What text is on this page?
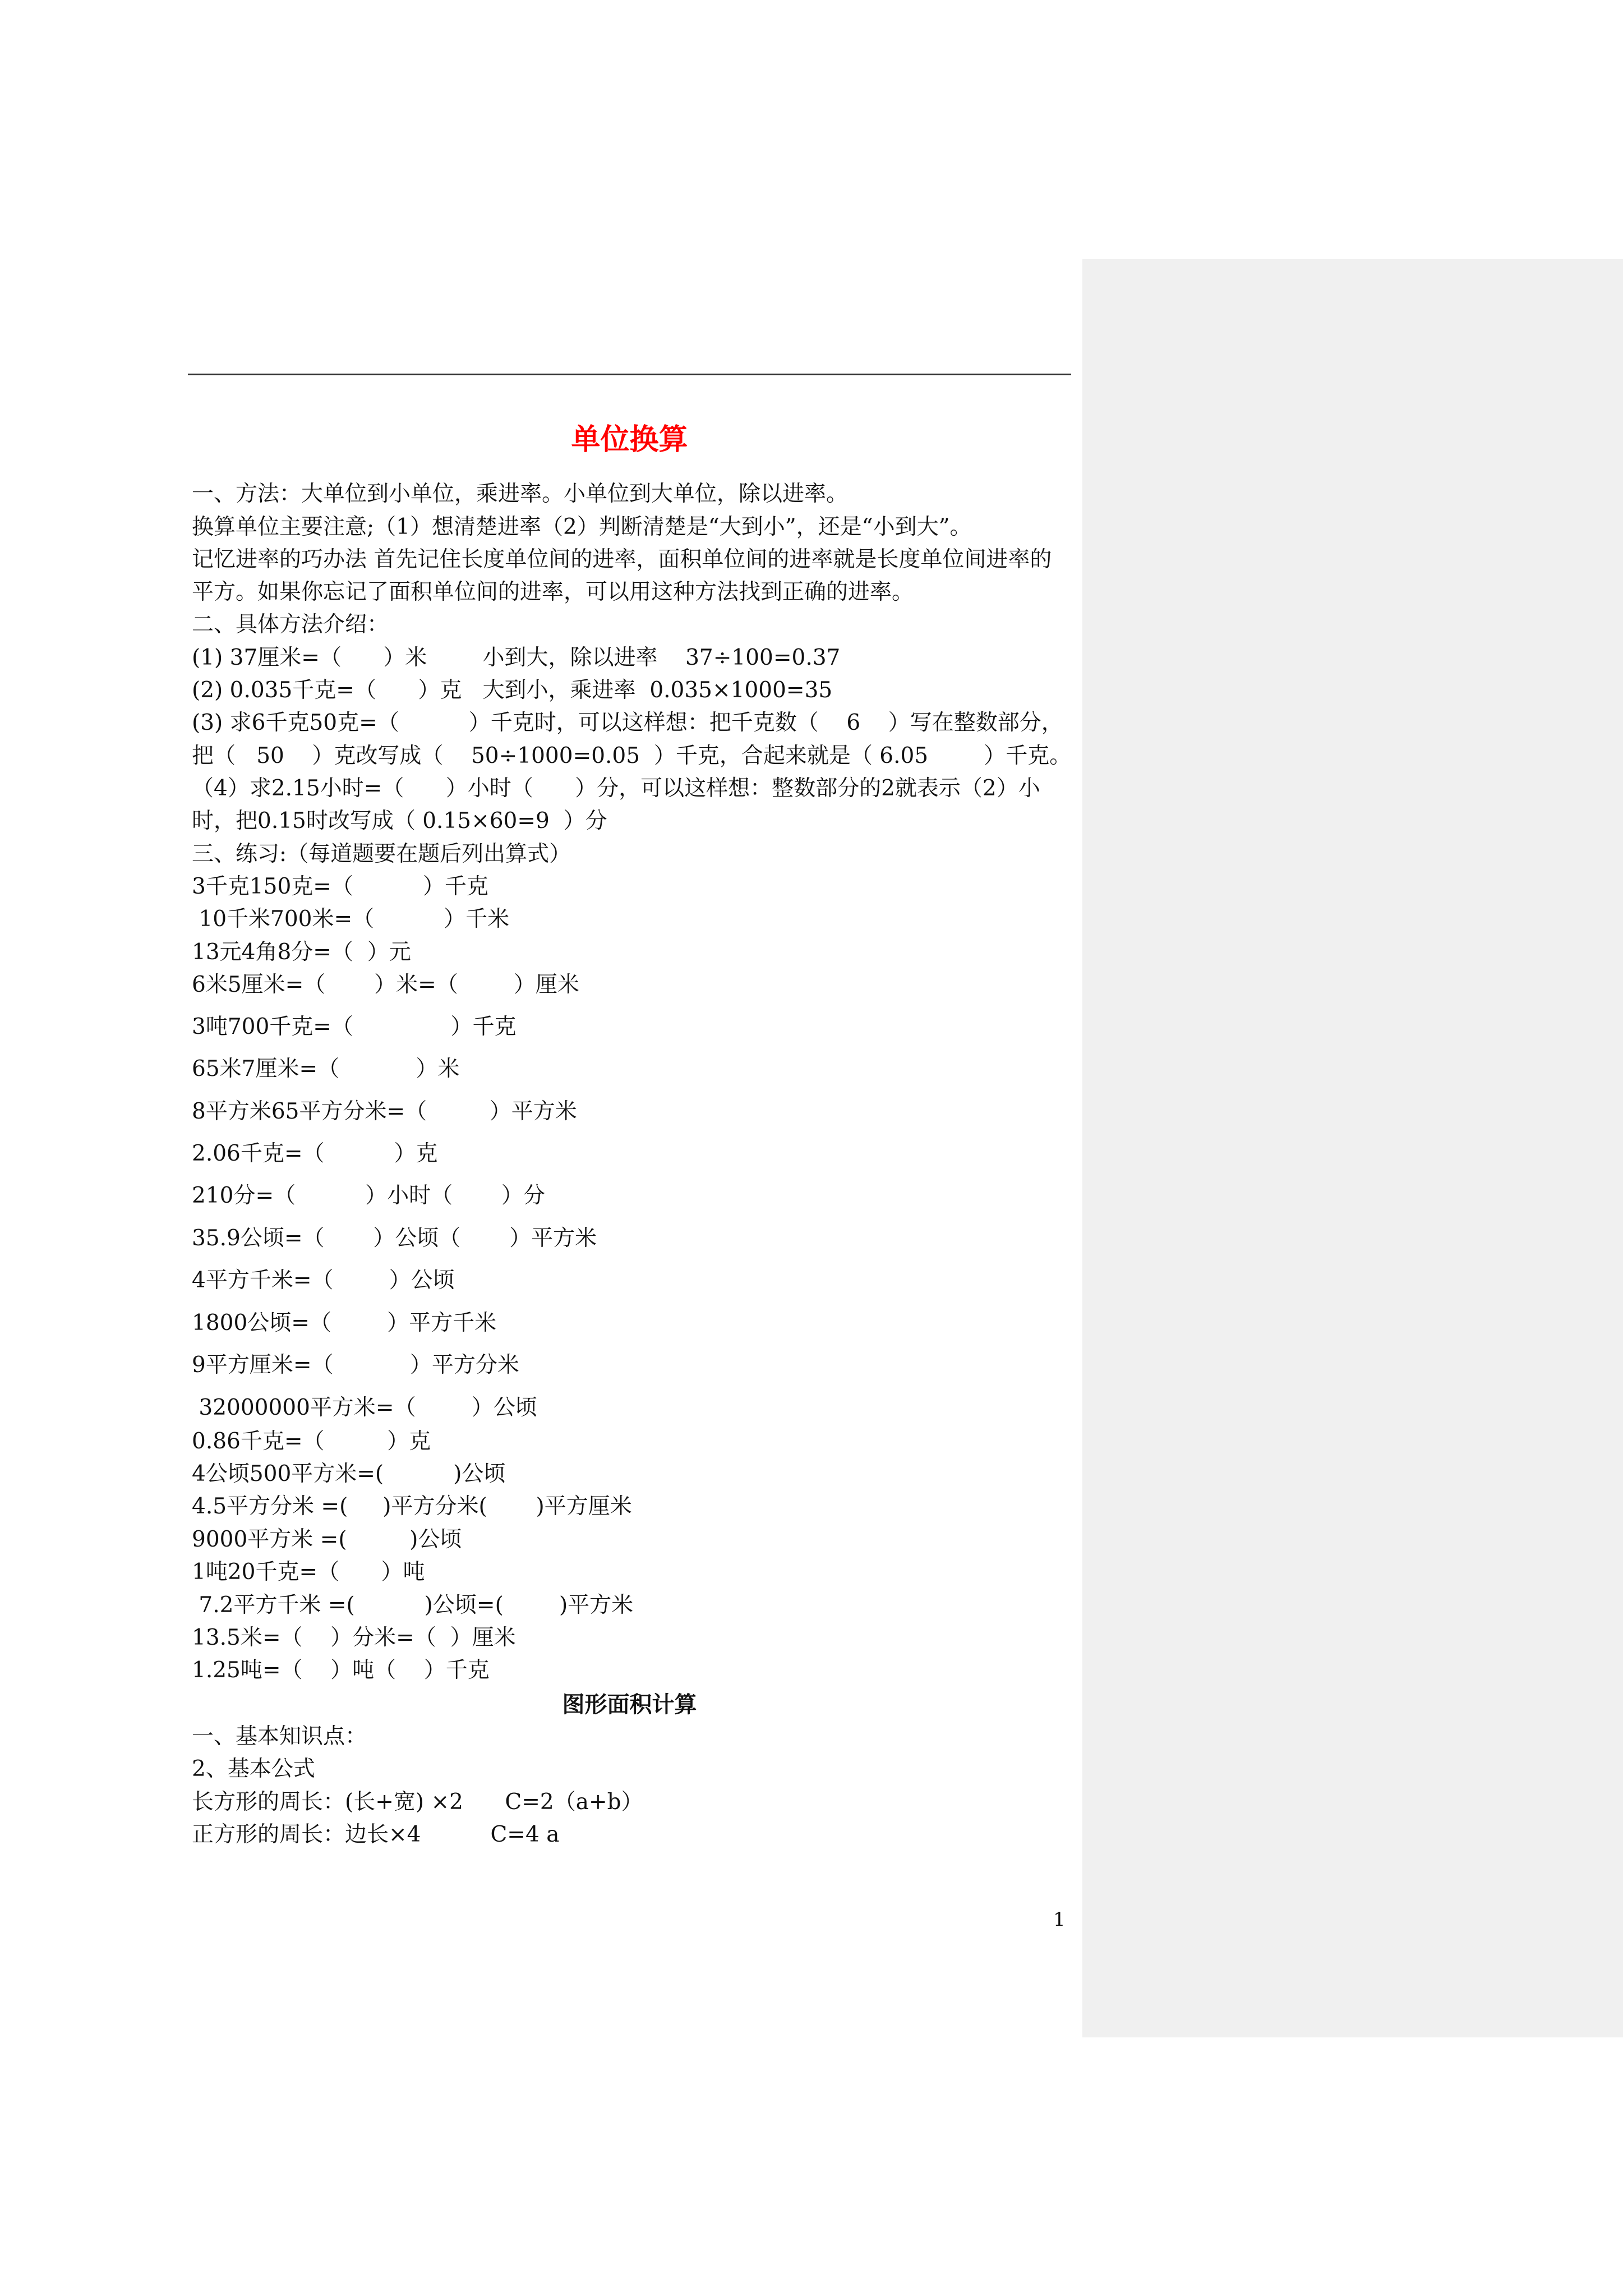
单位换算
一、方法：大单位到小单位，乘进率。小单位到大单位，除以进率。
换算单位主要注意;（1）想清楚进率（2）判断清楚是“大到小”，还是“小到大”。
记忆进率的巧办法 首先记住长度单位间的进率，面积单位间的进率就是长度单位间进率的
平方。如果你忘记了面积单位间的进率，可以用这种方法找到正确的进率。
二、具体方法介绍：
(1) 37厘米=（      ）米        小到大，除以进率    37÷100=0.37
(2) 0.035千克=（      ）克   大到小，乘进率  0.035×1000=35
(3) 求6千克50克=（          ）千克时，可以这样想：把千克数（    6    ）写在整数部分，
把（   50    ）克改写成（    50÷1000=0.05  ）千克，合起来就是（ 6.05        ）千克。
（4）求2.15小时=（      ）小时（      ）分，可以这样想：整数部分的2就表示（2）小
时，把0.15时改写成（ 0.15×60=9  ）分
三、练习:（每道题要在题后列出算式）
3千克150克=（          ）千克
10千米700米=（          ）千米
13元4角8分=（  ）元
6米5厘米=（       ）米=（        ）厘米
3吨700千克=（              ）千克
65米7厘米=（           ）米
8平方米65平方分米=（         ）平方米
2.06千克=（          ）克
210分=（          ）小时（       ）分
35.9公顷=（       ）公顷（       ）平方米
4平方千米=（        ）公顷
1800公顷=（        ）平方千米
9平方厘米=（           ）平方分米
32000000平方米=（        ）公顷
0.86千克=（         ）克
4公顷500平方米=(          )公顷
4.5平方分米 =(     )平方分米(       )平方厘米
9000平方米 =(         )公顷
1吨20千克=（      ）吨
7.2平方千米 =(          )公顷=(        )平方米
13.5米=（    ）分米=（  ）厘米
1.25吨=（    ）吨（    ）千克
图形面积计算
一、基本知识点：
2、基本公式
长方形的周长：(长+宽) ×2      C=2（a+b）
正方形的周长：边长×4          C=4 a
1
